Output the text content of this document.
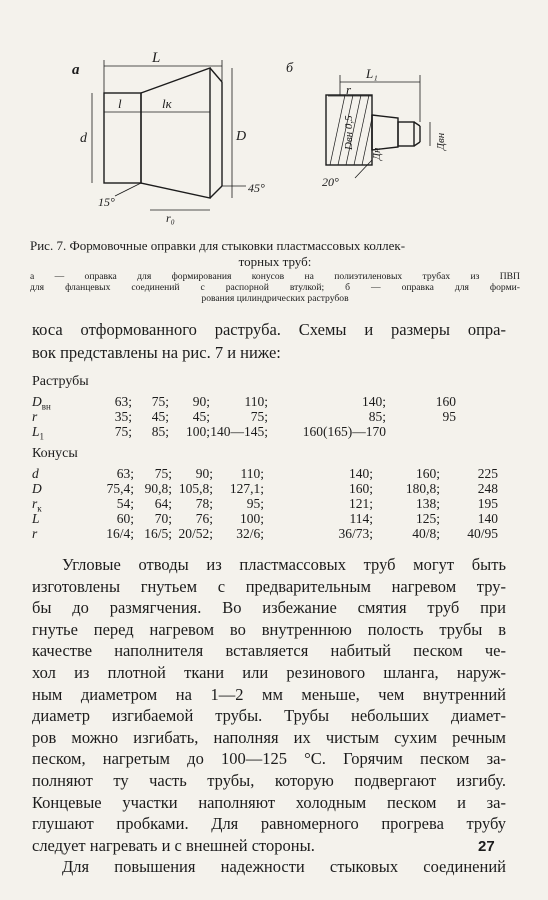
а	б
L
l	lк
d	D
15°
45°
r₀
L₁
r
Dвн 0,5
Дн
Двн
20°
Рис. 7. Формовочные оправки для стыковки пластмассовых коллек-
торных труб:
а — оправка для формирования конусов на полиэтиленовых трубах из ПВП
для фланцевых соединений с распорной втулкой; б — оправка для форми-
рования цилиндрических раструбов
коса отформованного раструба. Схемы и размеры опра-
вок представлены на рис. 7 и ниже:
Раструбы
$D_{вн}$	63; 75; 90;	110;	140;	160
r	35; 45; 45;	75;	85;	95
$L_1$	75; 85; 100; 140—145;	160(165)—170
Конусы
d	63; 75; 90; 110;	140;	160;	225
D	75,4; 90,8; 105,8; 127,1;	160; 180,8;	248
$r_к$	54; 64; 78; 95;	121;	138;	195
L	60; 70; 76; 100;	114;	125;	140
r	16/4; 16/5; 20/52; 32/6;	36/73;	40/8; 40/95
Угловые отводы из пластмассовых труб могут быть
изготовлены гнутьем с предварительным нагревом тру-
бы до размягчения. Во избежание смятия труб при
гнутье перед нагревом во внутреннюю полость трубы в
качестве наполнителя вставляется набитый песком че-
хол из плотной ткани или резинового шланга, наруж-
ным диаметром на 1—2 мм меньше, чем внутренний
диаметр изгибаемой трубы. Трубы небольших диамет-
ров можно изгибать, наполняя их чистым сухим речным
песком, нагретым до 100—125 °С. Горячим песком за-
полняют ту часть трубы, которую подвергают изгибу.
Концевые участки наполняют холодным песком и за-
глушают пробками. Для равномерного прогрева трубу
следует нагревать и с внешней стороны.
Для повышения надежности стыковых соединений
27
